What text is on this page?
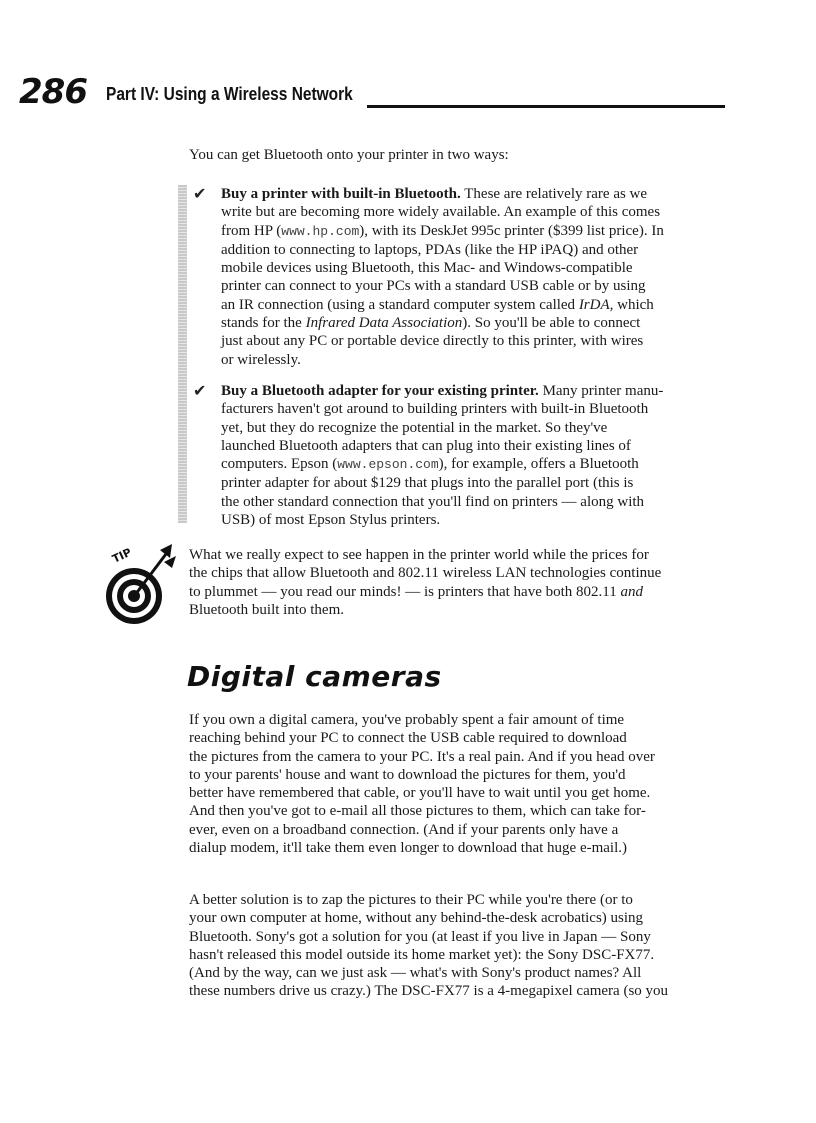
286 Part IV: Using a Wireless Network

You can get Bluetooth onto your printer in two ways:

✔ Buy a printer with built-in Bluetooth. These are relatively rare as we
write but are becoming more widely available. An example of this comes
from HP (www.hp.com), with its DeskJet 995c printer ($399 list price). In
addition to connecting to laptops, PDAs (like the HP iPAQ) and other
mobile devices using Bluetooth, this Mac- and Windows-compatible
printer can connect to your PCs with a standard USB cable or by using
an IR connection (using a standard computer system called IrDA, which
stands for the Infrared Data Association). So you'll be able to connect
just about any PC or portable device directly to this printer, with wires
or wirelessly.

✔ Buy a Bluetooth adapter for your existing printer. Many printer manu-
facturers haven't got around to building printers with built-in Bluetooth
yet, but they do recognize the potential in the market. So they've
launched Bluetooth adapters that can plug into their existing lines of
computers. Epson (www.epson.com), for example, offers a Bluetooth
printer adapter for about $129 that plugs into the parallel port (this is
the other standard connection that you'll find on printers — along with
USB) of most Epson Stylus printers.

TIP	What we really expect to see happen in the printer world while the prices for
the chips that allow Bluetooth and 802.11 wireless LAN technologies continue
to plummet — you read our minds! — is printers that have both 802.11 and
Bluetooth built into them.

Digital cameras

If you own a digital camera, you've probably spent a fair amount of time
reaching behind your PC to connect the USB cable required to download
the pictures from the camera to your PC. It's a real pain. And if you head over
to your parents' house and want to download the pictures for them, you'd
better have remembered that cable, or you'll have to wait until you get home.
And then you've got to e-mail all those pictures to them, which can take for-
ever, even on a broadband connection. (And if your parents only have a
dialup modem, it'll take them even longer to download that huge e-mail.)

A better solution is to zap the pictures to their PC while you're there (or to
your own computer at home, without any behind-the-desk acrobatics) using
Bluetooth. Sony's got a solution for you (at least if you live in Japan — Sony
hasn't released this model outside its home market yet): the Sony DSC-FX77.
(And by the way, can we just ask — what's with Sony's product names? All
these numbers drive us crazy.) The DSC-FX77 is a 4-megapixel camera (so you
